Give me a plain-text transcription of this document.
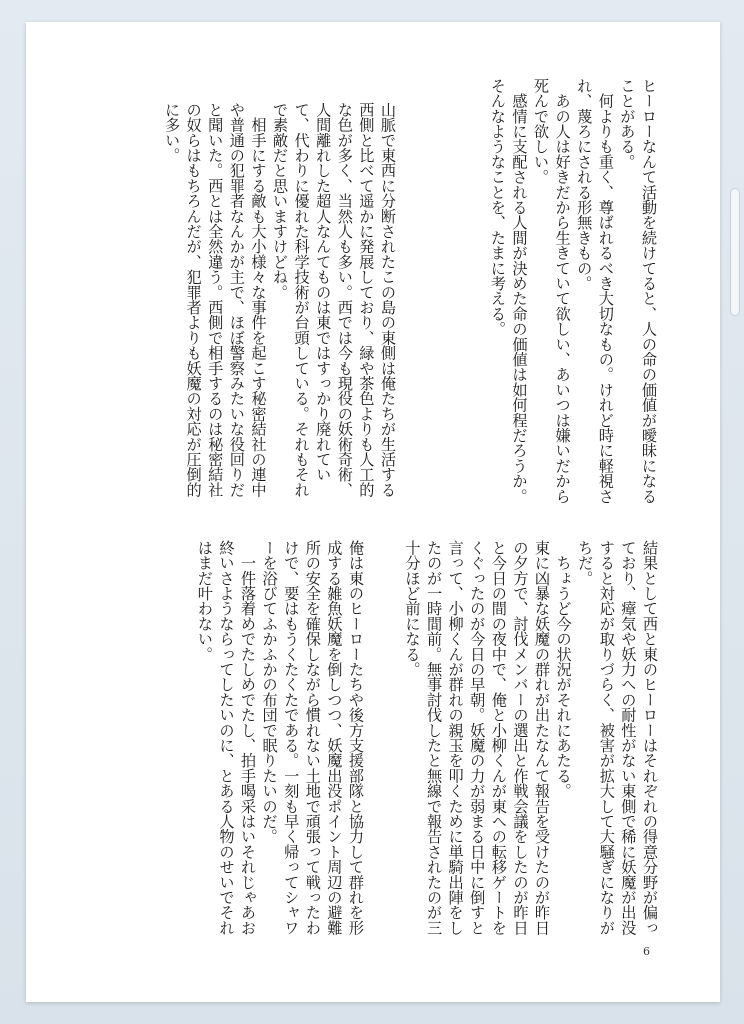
ヒーローなんて活動を続けてると、人の命の価値が曖昧になることがある。

　何よりも重く、尊ばれるべき大切なもの。けれど時に軽視され、蔑ろにされる形無きもの。

　あの人は好きだから生きていて欲しい、あいつは嫌いだから死んで欲しい。

　感情に支配される人間が決めた命の価値は如何程だろうか。そんなようなことを、たまに考える。

山脈で東西に分断されたこの島の東側は俺たちが生活する西側と比べて遥かに発展しており、緑や茶色よりも人工的な色が多く、当然人も多い。西では今も現役の妖術奇術、人間離れした超人なんてものは東ではすっかり廃れていて、代わりに優れた科学技術が台頭している。それもそれで素敵だと思いますけどね。

　相手にする敵も大小様々な事件を起こす秘密結社の連中や普通の犯罪者なんかが主で、ほぼ警察みたいな役回りだと聞いた。西とは全然違う。西側で相手するのは秘密結社の奴らはもちろんだが、犯罪者よりも妖魔の対応が圧倒的に多い。

結果として西と東のヒーローはそれぞれの得意分野が偏っており、瘴気や妖力への耐性がない東側で稀に妖魔が出没すると対応が取りづらく、被害が拡大して大騒ぎになりがちだ。

　ちょうど今の状況がそれにあたる。

東に凶暴な妖魔の群れが出たなんて報告を受けたのが昨日の夕方で、討伐メンバーの選出と作戦会議をしたのが昨日と今日の間の夜中で、俺と小柳くんが東への転移ゲートをくぐったのが今日の早朝。妖魔の力が弱まる日中に倒すと言って、小柳くんが群れの親玉を叩くために単騎出陣をしたのが一時間前。無事討伐したと無線で報告されたのが三十分ほど前になる。

俺は東のヒーローたちや後方支援部隊と協力して群れを形成する雑魚妖魔を倒しつつ、妖魔出没ポイント周辺の避難所の安全を確保しながら慣れない土地で頑張って戦ったわけで、要はもうくたくたである。一刻も早く帰ってシャワーを浴びてふかふかの布団で眠りたいのだ。

　一件落着めでたしめでたし、拍手喝采はいそれじゃあお終いさようならってしたいのに、とある人物のせいでそれはまだ叶わない。

6
